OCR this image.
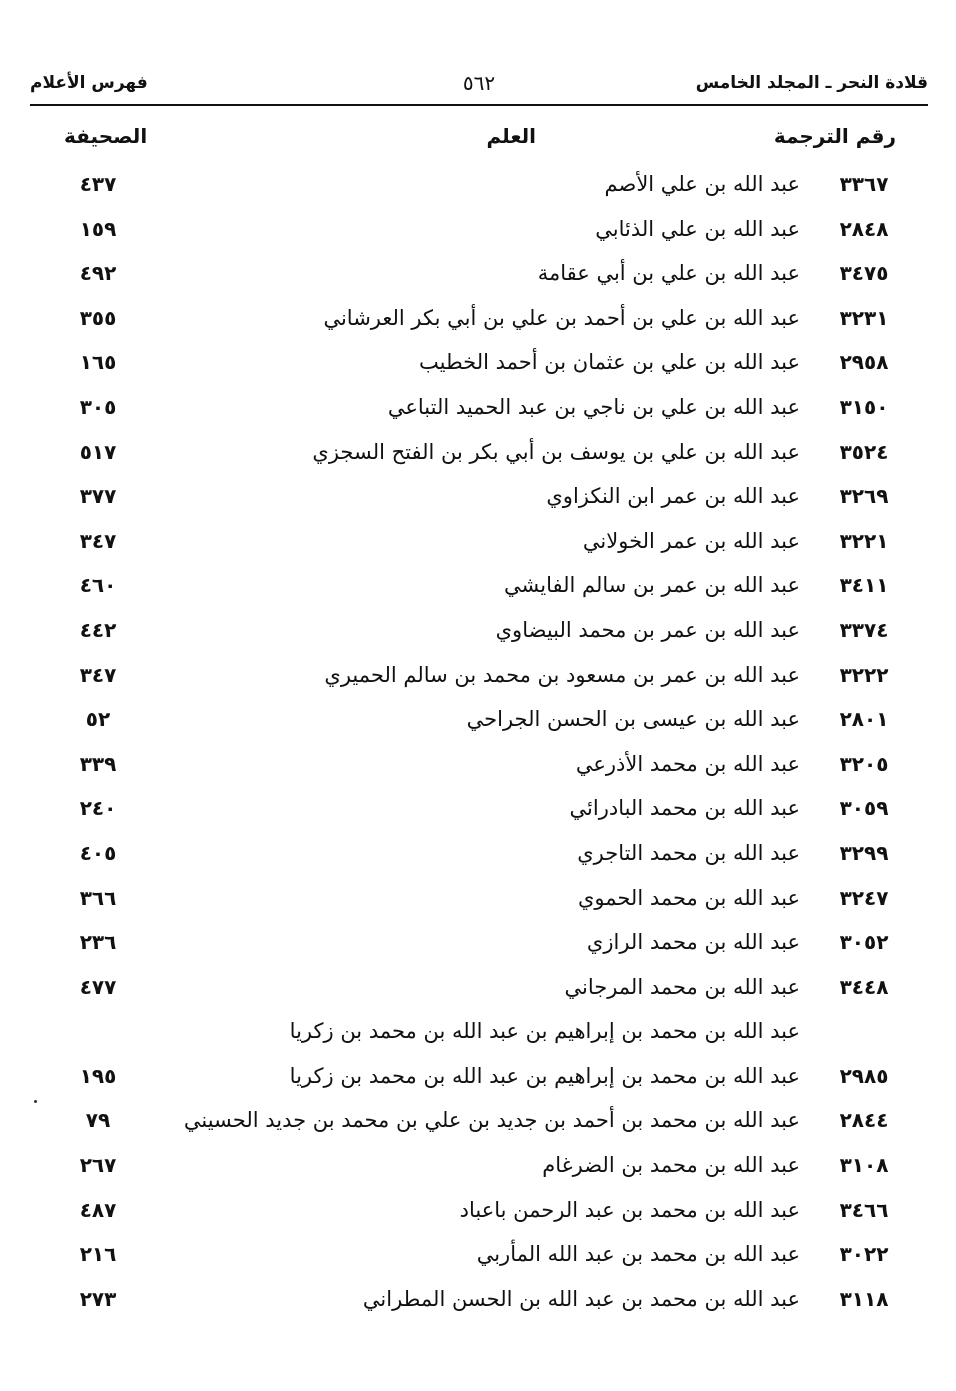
قلادة النحر ـ المجلد الخامس
٥٦٢
فهرس الأعلام
رقم الترجمة
العلم
الصحيفة
٣٣٦٧
عبد الله بن علي الأصم
٤٣٧
٢٨٤٨
عبد الله بن علي الذئابي
١٥٩
٣٤٧٥
عبد الله بن علي بن أبي عقامة
٤٩٢
٣٢٣١
عبد الله بن علي بن أحمد بن علي بن أبي بكر العرشاني
٣٥٥
٢٩٥٨
عبد الله بن علي بن عثمان بن أحمد الخطيب
١٦٥
٣١٥٠
عبد الله بن علي بن ناجي بن عبد الحميد التباعي
٣٠٥
٣٥٢٤
عبد الله بن علي بن يوسف بن أبي بكر بن الفتح السجزي
٥١٧
٣٢٦٩
عبد الله بن عمر ابن النكزاوي
٣٧٧
٣٢٢١
عبد الله بن عمر الخولاني
٣٤٧
٣٤١١
عبد الله بن عمر بن سالم الفايشي
٤٦٠
٣٣٧٤
عبد الله بن عمر بن محمد البيضاوي
٤٤٢
٣٢٢٢
عبد الله بن عمر بن مسعود بن محمد بن سالم الحميري
٣٤٧
٢٨٠١
عبد الله بن عيسى بن الحسن الجراحي
٥٢
٣٢٠٥
عبد الله بن محمد الأذرعي
٣٣٩
٣٠٥٩
عبد الله بن محمد البادرائي
٢٤٠
٣٢٩٩
عبد الله بن محمد التاجري
٤٠٥
٣٢٤٧
عبد الله بن محمد الحموي
٣٦٦
٣٠٥٢
عبد الله بن محمد الرازي
٢٣٦
٣٤٤٨
عبد الله بن محمد المرجاني
٤٧٧
عبد الله بن محمد بن إبراهيم بن عبد الله بن محمد بن زكريا
٢٩٨٥
عبد الله بن محمد بن إبراهيم بن عبد الله بن محمد بن زكريا
١٩٥
٢٨٤٤
عبد الله بن محمد بن أحمد بن جديد بن علي بن محمد بن جديد الحسيني
٧٩
٣١٠٨
عبد الله بن محمد بن الضرغام
٢٦٧
٣٤٦٦
عبد الله بن محمد بن عبد الرحمن باعباد
٤٨٧
٣٠٢٢
عبد الله بن محمد بن عبد الله المأربي
٢١٦
٣١١٨
عبد الله بن محمد بن عبد الله بن الحسن المطراني
٢٧٣
